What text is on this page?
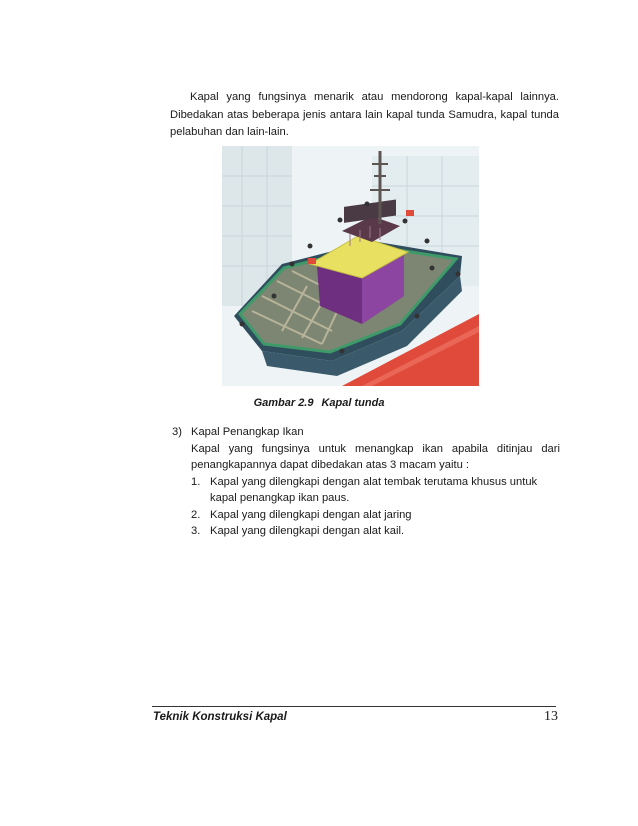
Kapal yang fungsinya menarik atau mendorong kapal-kapal lainnya. Dibedakan atas beberapa jenis antara lain kapal tunda Samudra, kapal tunda pelabuhan dan lain-lain.

Gambar 2.9 Kapal tunda
3) Kapal Penangkap Ikan
Kapal yang fungsinya untuk menangkap ikan apabila ditinjau dari penangkapannya dapat dibedakan atas 3 macam yaitu :
1. Kapal yang dilengkapi dengan alat tembak terutama khusus untuk kapal penangkap ikan paus.
2. Kapal yang dilengkapi dengan alat jaring
3. Kapal yang dilengkapi dengan alat kail.
Teknik Konstruksi Kapal	13
